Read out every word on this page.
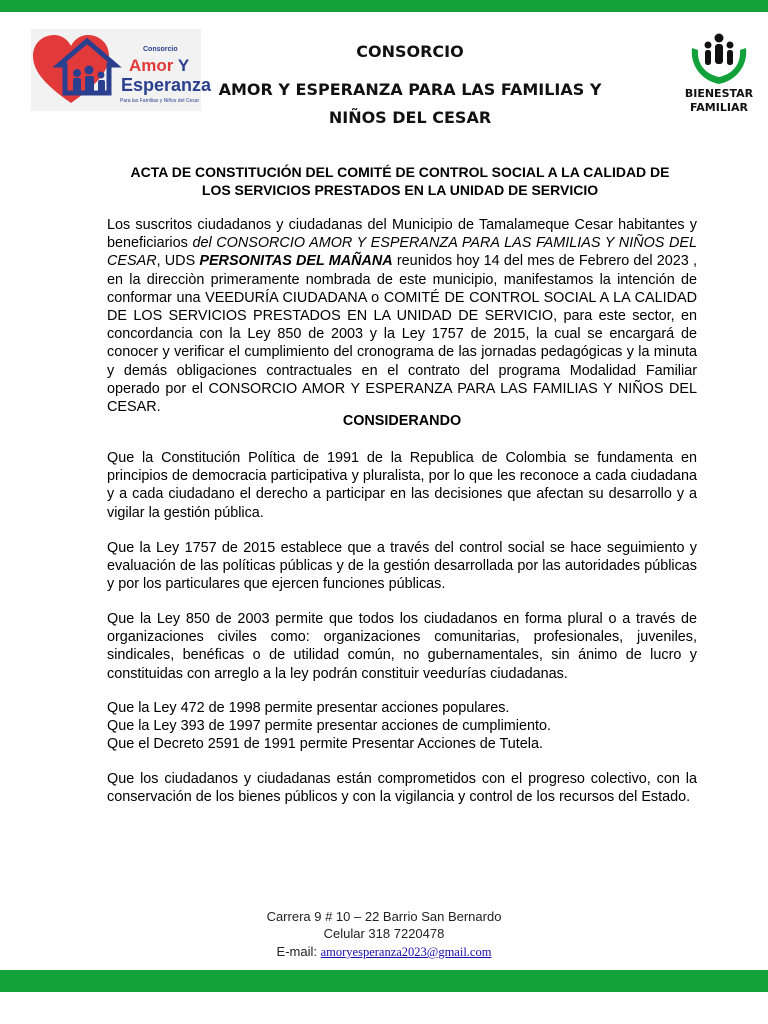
Consorcio
Amor Y
Esperanza
Para las Familias y Niños del Cesar
CONSORCIO
AMOR Y ESPERANZA PARA LAS FAMILIAS Y
NIÑOS DEL CESAR
BIENESTAR
FAMILIAR
ACTA DE CONSTITUCIÓN DEL COMITÉ DE CONTROL SOCIAL A LA CALIDAD DE
LOS SERVICIOS PRESTADOS EN LA UNIDAD DE SERVICIO

Los suscritos ciudadanos y ciudadanas del Municipio de Tamalameque Cesar habitantes y beneficiarios del CONSORCIO AMOR Y ESPERANZA PARA LAS FAMILIAS Y NIÑOS DEL CESAR, UDS PERSONITAS DEL MAÑANA reunidos hoy 14 del mes de Febrero del 2023 , en la direcciòn primeramente nombrada de este municipio, manifestamos la intención de conformar una VEEDURÍA CIUDADANA o COMITÉ DE CONTROL SOCIAL A LA CALIDAD DE LOS SERVICIOS PRESTADOS EN LA UNIDAD DE SERVICIO, para este sector, en concordancia con la Ley 850 de 2003 y la Ley 1757 de 2015, la cual se encargará de conocer y verificar el cumplimiento del cronograma de las jornadas pedagógicas y la minuta y demás obligaciones contractuales en el contrato del programa Modalidad Familiar operado por el CONSORCIO AMOR Y ESPERANZA PARA LAS FAMILIAS Y NIÑOS DEL CESAR.

CONSIDERANDO

Que la Constitución Política de 1991 de la Republica de Colombia se fundamenta en principios de democracia participativa y pluralista, por lo que les reconoce a cada ciudadana y a cada ciudadano el derecho a participar en las decisiones que afectan su desarrollo y a vigilar la gestión pública.

Que la Ley 1757 de 2015 establece que a través del control social se hace seguimiento y evaluación de las políticas públicas y de la gestión desarrollada por las autoridades públicas y por los particulares que ejercen funciones públicas.

Que la Ley 850 de 2003 permite que todos los ciudadanos en forma plural o a través de organizaciones civiles como: organizaciones comunitarias, profesionales, juveniles, sindicales, benéficas o de utilidad común, no gubernamentales, sin ánimo de lucro y constituidas con arreglo a la ley podrán constituir veedurías ciudadanas.

Que la Ley 472 de 1998 permite presentar acciones populares.

Que la Ley 393 de 1997 permite presentar acciones de cumplimiento.

Que el Decreto 2591 de 1991 permite Presentar Acciones de Tutela.

Que los ciudadanos y ciudadanas están comprometidos con el progreso colectivo, con la conservación de los bienes públicos y con la vigilancia y control de los recursos del Estado.

Carrera 9 # 10 – 22 Barrio San Bernardo
Celular 318 7220478
E-mail: amoryesperanza2023@gmail.com
